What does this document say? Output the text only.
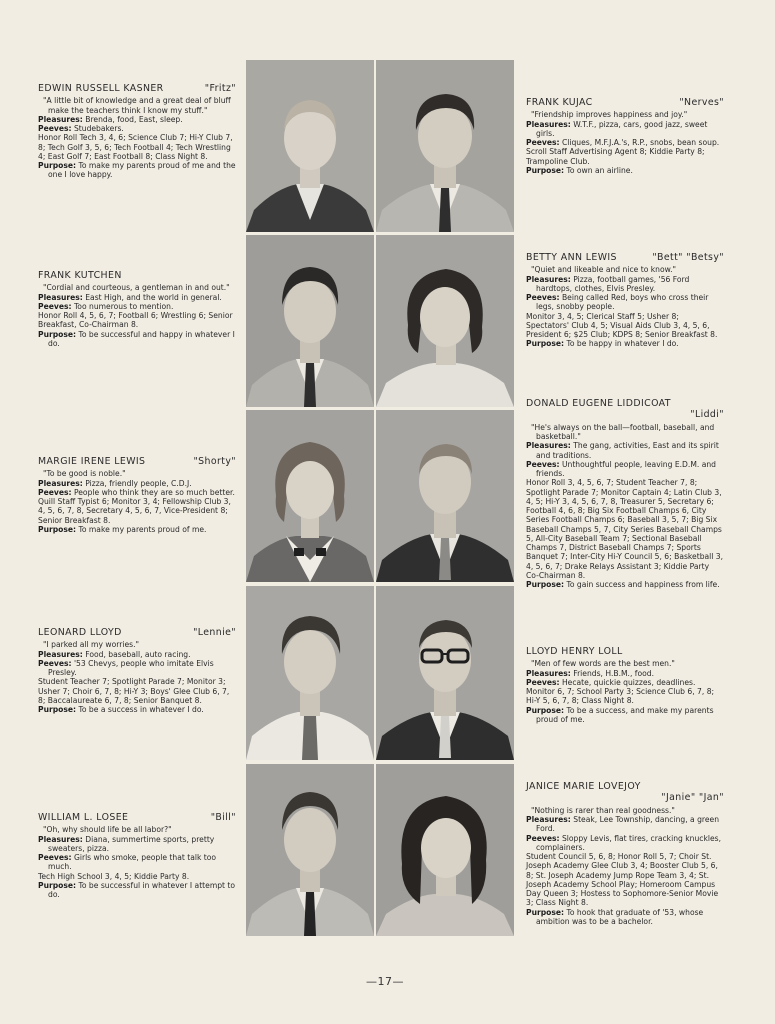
EDWIN RUSSELL KASNER	"Fritz"

"A little bit of knowledge and a great deal of bluff make the teachers think I know my stuff."

Pleasures: Brenda, food, East, sleep.

Peeves: Studebakers.

Honor Roll Tech 3, 4, 6; Science Club 7; Hi-Y Club 7, 8; Tech Golf 3, 5, 6; Tech Football 4; Tech Wrestling 4; East Golf 7; East Football 8; Class Night 8.

Purpose: To make my parents proud of me and the one I love happy.

FRANK KUTCHEN

"Cordial and courteous, a gentleman in and out."

Pleasures: East High, and the world in general.

Peeves: Too numerous to mention.

Honor Roll 4, 5, 6, 7; Football 6; Wrestling 6; Senior Breakfast, Co-Chairman 8.

Purpose: To be successful and happy in whatever I do.

MARGIE IRENE LEWIS	"Shorty"

"To be good is noble."

Pleasures: Pizza, friendly people, C.D.J.

Peeves: People who think they are so much better.

Quill Staff Typist 6; Monitor 3, 4; Fellowship Club 3, 4, 5, 6, 7, 8, Secretary 4, 5, 6, 7, Vice-President 8; Senior Breakfast 8.

Purpose: To make my parents proud of me.

LEONARD LLOYD	"Lennie"

"I parked all my worries."

Pleasures: Food, baseball, auto racing.

Peeves: '53 Chevys, people who imitate Elvis Presley.

Student Teacher 7; Spotlight Parade 7; Monitor 3; Usher 7; Choir 6, 7, 8; Hi-Y 3; Boys' Glee Club 6, 7, 8; Baccalaureate 6, 7, 8; Senior Banquet 8.

Purpose: To be a success in whatever I do.

WILLIAM L. LOSEE	"Bill"

"Oh, why should life be all labor?"

Pleasures: Diana, summertime sports, pretty sweaters, pizza.

Peeves: Girls who smoke, people that talk too much.

Tech High School 3, 4, 5; Kiddie Party 8.

Purpose: To be successful in whatever I attempt to do.

FRANK KUJAC	"Nerves"

"Friendship improves happiness and joy."

Pleasures: W.T.F., pizza, cars, good jazz, sweet girls.

Peeves: Cliques, M.F.J.A.'s, R.P., snobs, bean soup.

Scroll Staff Advertising Agent 8; Kiddie Party 8; Trampoline Club.

Purpose: To own an airline.

BETTY ANN LEWIS	"Bett" "Betsy"

"Quiet and likeable and nice to know."

Pleasures: Pizza, football games, '56 Ford hardtops, clothes, Elvis Presley.

Peeves: Being called Red, boys who cross their legs, snobby people.

Monitor 3, 4, 5; Clerical Staff 5; Usher 8; Spectators' Club 4, 5; Visual Aids Club 3, 4, 5, 6, President 6; $25 Club; KDPS 8; Senior Breakfast 8.

Purpose: To be happy in whatever I do.

DONALD EUGENE LIDDICOAT
"Liddi"

"He's always on the ball—football, baseball, and basketball."

Pleasures: The gang, activities, East and its spirit and traditions.

Peeves: Unthoughtful people, leaving E.D.M. and friends.

Honor Roll 3, 4, 5, 6, 7; Student Teacher 7, 8; Spotlight Parade 7; Monitor Captain 4; Latin Club 3, 4, 5; Hi-Y 3, 4, 5, 6, 7, 8, Treasurer 5, Secretary 6; Football 4, 6, 8; Big Six Football Champs 6, City Series Football Champs 6; Baseball 3, 5, 7; Big Six Baseball Champs 5, 7, City Series Baseball Champs 5, All-City Baseball Team 7; Sectional Baseball Champs 7, District Baseball Champs 7; Sports Banquet 7; Inter-City Hi-Y Council 5, 6; Basketball 3, 4, 5, 6, 7; Drake Relays Assistant 3; Kiddie Party Co-Chairman 8.

Purpose: To gain success and happiness from life.

LLOYD HENRY LOLL

"Men of few words are the best men."

Pleasures: Friends, H.B.M., food.

Peeves: Hecate, quickie quizzes, deadlines.

Monitor 6, 7; School Party 3; Science Club 6, 7, 8; Hi-Y 5, 6, 7, 8; Class Night 8.

Purpose: To be a success, and make my parents proud of me.

JANICE MARIE LOVEJOY
"Janie" "Jan"

"Nothing is rarer than real goodness."

Pleasures: Steak, Lee Township, dancing, a green Ford.

Peeves: Sloppy Levis, flat tires, cracking knuckles, complainers.

Student Council 5, 6, 8; Honor Roll 5, 7; Choir St. Joseph Academy Glee Club 3, 4; Booster Club 5, 6, 8; St. Joseph Academy Jump Rope Team 3, 4; St. Joseph Academy School Play; Homeroom Campus Day Queen 3; Hostess to Sophomore-Senior Movie 3; Class Night 8.

Purpose: To hook that graduate of '53, whose ambition was to be a bachelor.

—17—
